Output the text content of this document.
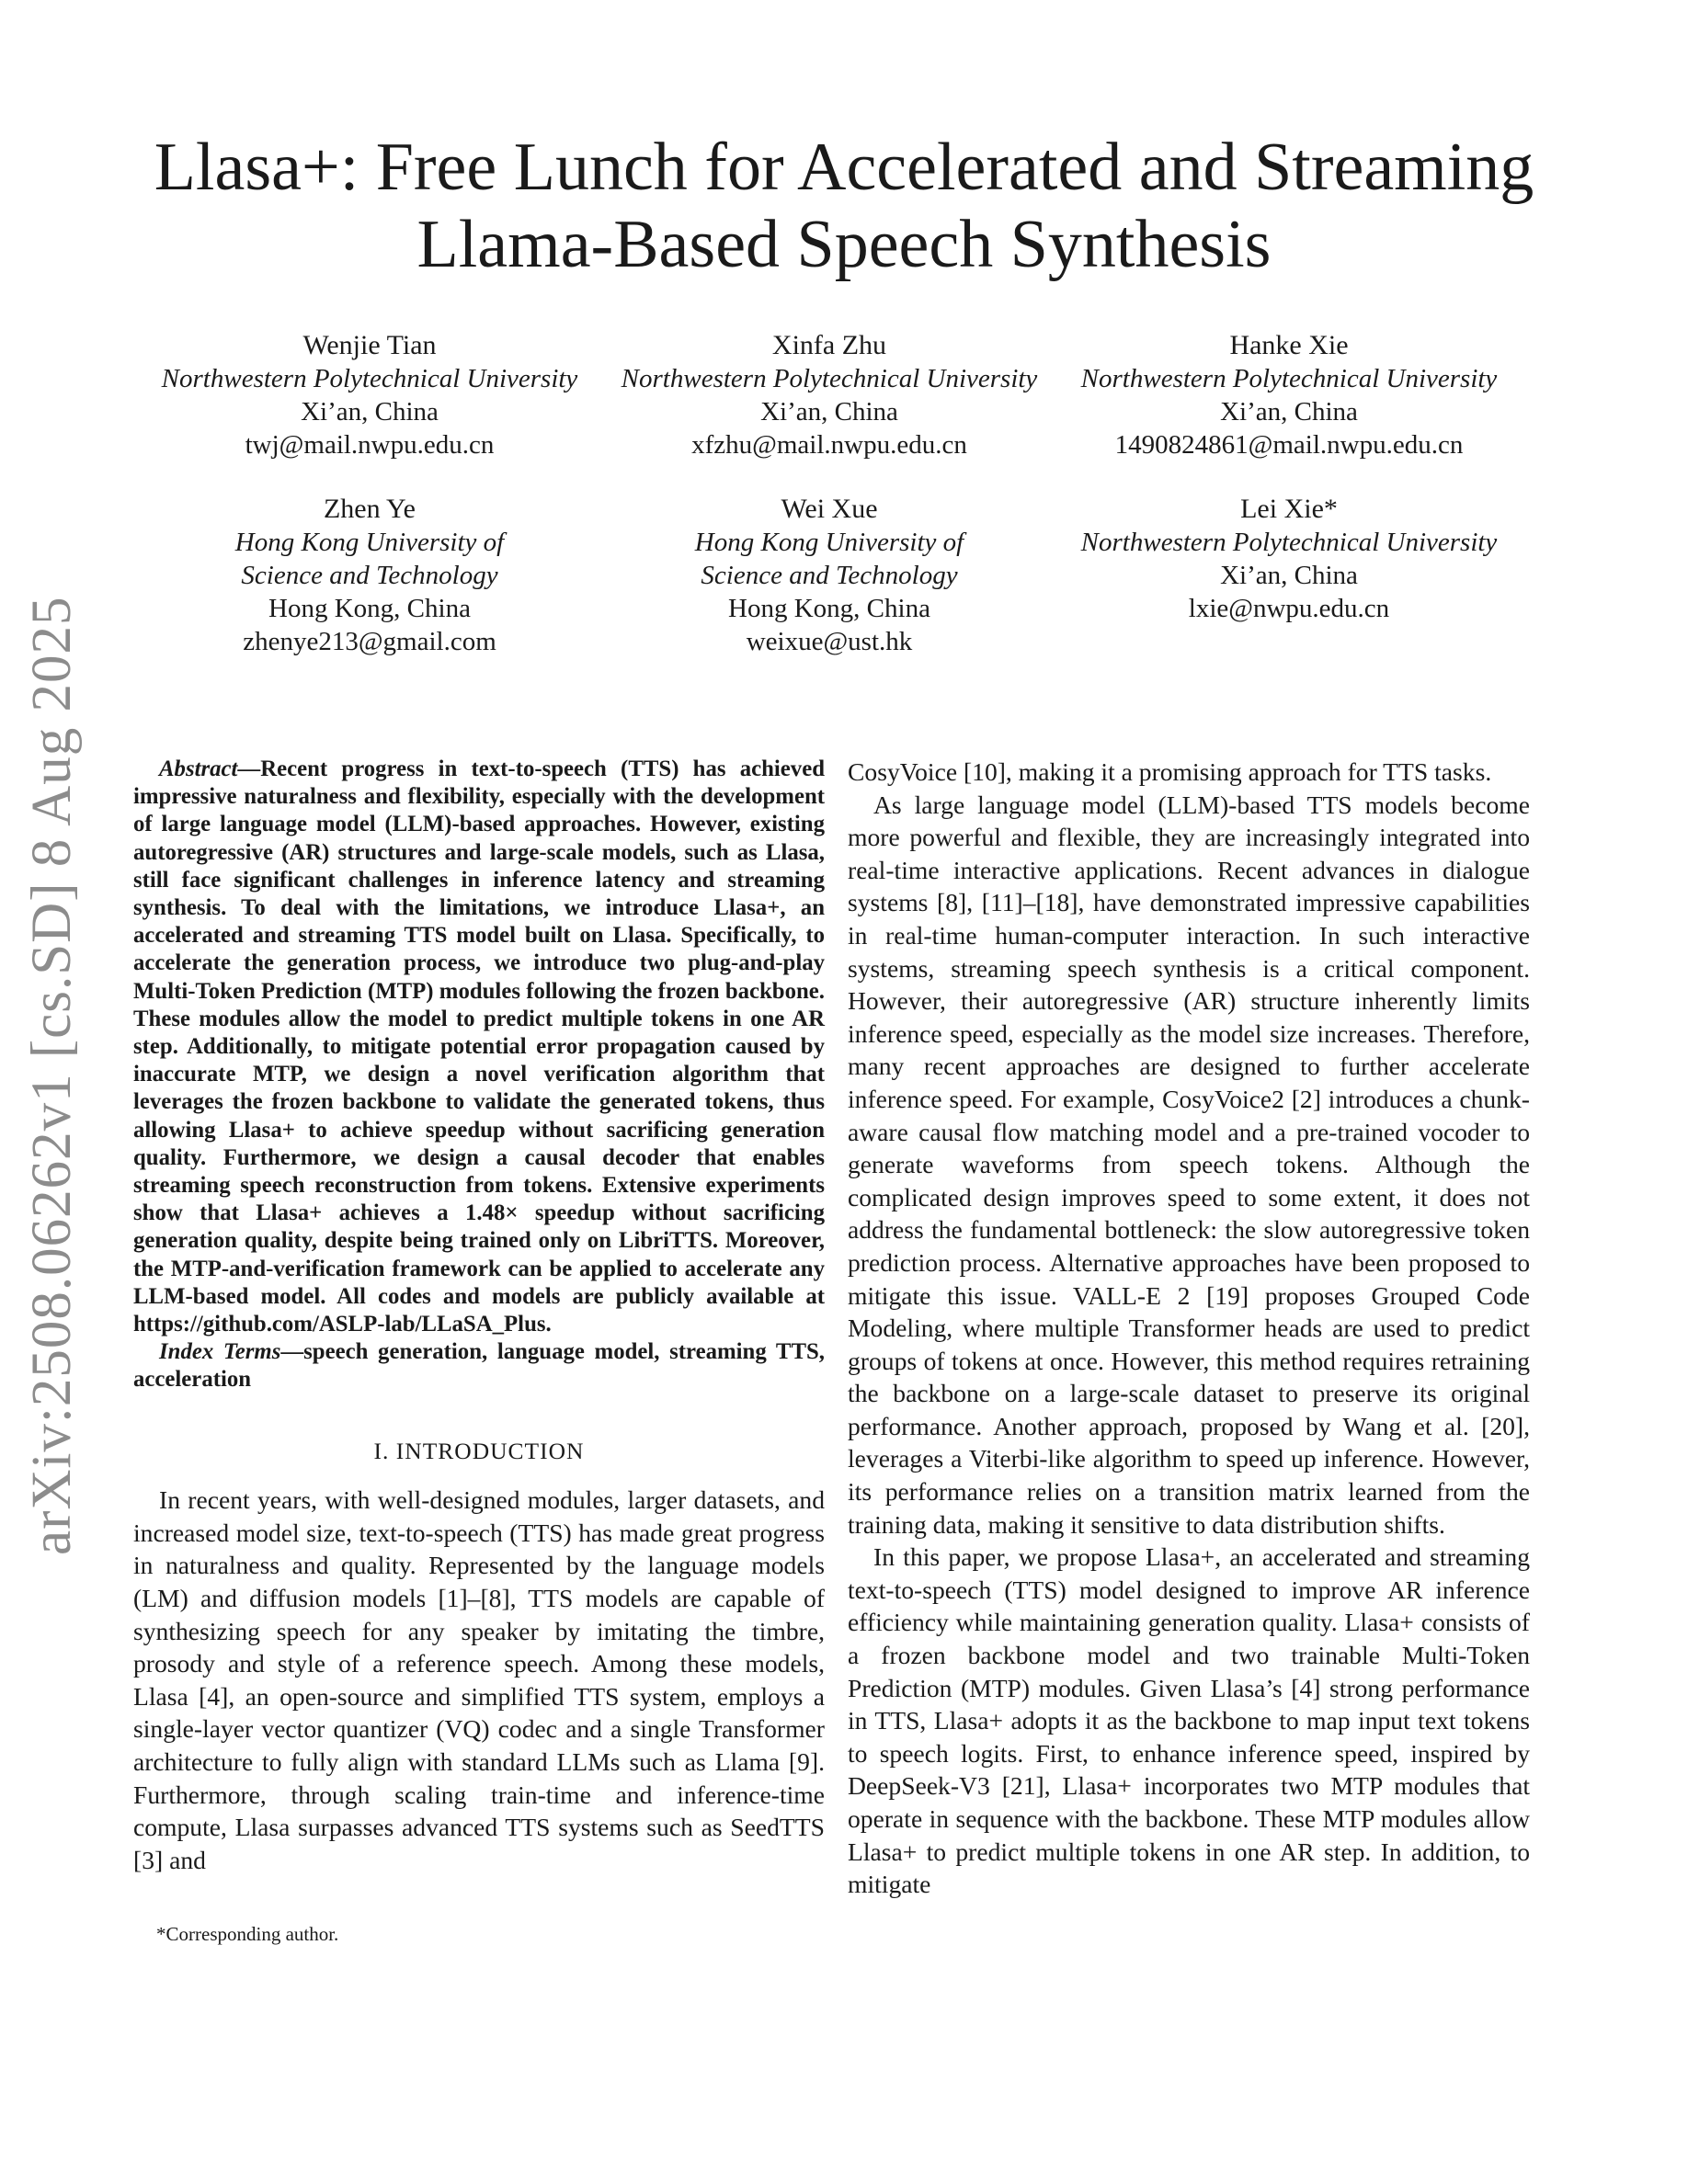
arXiv:2508.06262v1 [cs.SD] 8 Aug 2025
Llasa+: Free Lunch for Accelerated and Streaming
Llama-Based Speech Synthesis
Wenjie Tian
Northwestern Polytechnical University
Xi’an, China
twj@mail.nwpu.edu.cn
Xinfa Zhu
Northwestern Polytechnical University
Xi’an, China
xfzhu@mail.nwpu.edu.cn
Hanke Xie
Northwestern Polytechnical University
Xi’an, China
1490824861@mail.nwpu.edu.cn
Zhen Ye
Hong Kong University of
Science and Technology
Hong Kong, China
zhenye213@gmail.com
Wei Xue
Hong Kong University of
Science and Technology
Hong Kong, China
weixue@ust.hk
Lei Xie*
Northwestern Polytechnical University
Xi’an, China
lxie@nwpu.edu.cn

Abstract—Recent progress in text-to-speech (TTS) has achieved impressive naturalness and flexibility, especially with the development of large language model (LLM)-based approaches. However, existing autoregressive (AR) structures and large-scale models, such as Llasa, still face significant challenges in inference latency and streaming synthesis. To deal with the limitations, we introduce Llasa+, an accelerated and streaming TTS model built on Llasa. Specifically, to accelerate the generation process, we introduce two plug-and-play Multi-Token Prediction (MTP) modules following the frozen backbone. These modules allow the model to predict multiple tokens in one AR step. Additionally, to mitigate potential error propagation caused by inaccurate MTP, we design a novel verification algorithm that leverages the frozen backbone to validate the generated tokens, thus allowing Llasa+ to achieve speedup without sacrificing generation quality. Furthermore, we design a causal decoder that enables streaming speech reconstruction from tokens. Extensive experiments show that Llasa+ achieves a 1.48× speedup without sacrificing generation quality, despite being trained only on LibriTTS. Moreover, the MTP-and-verification framework can be applied to accelerate any LLM-based model. All codes and models are publicly available at https://github.com/ASLP-lab/LLaSA_Plus.

Index Terms—speech generation, language model, streaming TTS, acceleration

I. INTRODUCTION

In recent years, with well-designed modules, larger datasets, and increased model size, text-to-speech (TTS) has made great progress in naturalness and quality. Represented by the language models (LM) and diffusion models [1]–[8], TTS models are capable of synthesizing speech for any speaker by imitating the timbre, prosody and style of a reference speech. Among these models, Llasa [4], an open-source and simplified TTS system, employs a single-layer vector quantizer (VQ) codec and a single Transformer architecture to fully align with standard LLMs such as Llama [9]. Furthermore, through scaling train-time and inference-time compute, Llasa surpasses advanced TTS systems such as SeedTTS [3] and

CosyVoice [10], making it a promising approach for TTS tasks.

As large language model (LLM)-based TTS models become more powerful and flexible, they are increasingly integrated into real-time interactive applications. Recent advances in dialogue systems [8], [11]–[18], have demonstrated impressive capabilities in real-time human-computer interaction. In such interactive systems, streaming speech synthesis is a critical component. However, their autoregressive (AR) structure inherently limits inference speed, especially as the model size increases. Therefore, many recent approaches are designed to further accelerate inference speed. For example, CosyVoice2 [2] introduces a chunk-aware causal flow matching model and a pre-trained vocoder to generate waveforms from speech tokens. Although the complicated design improves speed to some extent, it does not address the fundamental bottleneck: the slow autoregressive token prediction process. Alternative approaches have been proposed to mitigate this issue. VALL-E 2 [19] proposes Grouped Code Modeling, where multiple Transformer heads are used to predict groups of tokens at once. However, this method requires retraining the backbone on a large-scale dataset to preserve its original performance. Another approach, proposed by Wang et al. [20], leverages a Viterbi-like algorithm to speed up inference. However, its performance relies on a transition matrix learned from the training data, making it sensitive to data distribution shifts.

In this paper, we propose Llasa+, an accelerated and streaming text-to-speech (TTS) model designed to improve AR inference efficiency while maintaining generation quality. Llasa+ consists of a frozen backbone model and two trainable Multi-Token Prediction (MTP) modules. Given Llasa’s [4] strong performance in TTS, Llasa+ adopts it as the backbone to map input text tokens to speech logits. First, to enhance inference speed, inspired by DeepSeek-V3 [21], Llasa+ incorporates two MTP modules that operate in sequence with the backbone. These MTP modules allow Llasa+ to predict multiple tokens in one AR step. In addition, to mitigate

*Corresponding author.
